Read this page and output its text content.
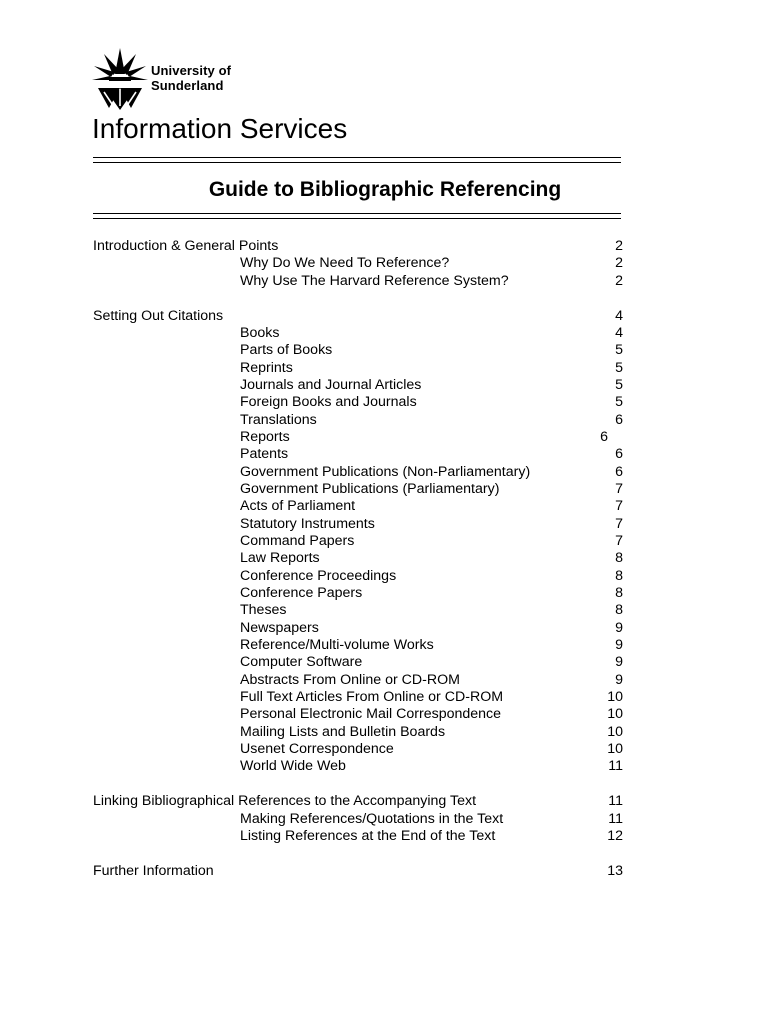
University of
Sunderland
Information Services
Guide to Bibliographic Referencing
Introduction & General Points	2
Why Do We Need To Reference?	2
Why Use The Harvard Reference System?	2
Setting Out Citations	4
Books	4
Parts of Books	5
Reprints	5
Journals and Journal Articles	5
Foreign Books and Journals	5
Translations	6
Reports	6
Patents	6
Government Publications (Non-Parliamentary)	6
Government Publications (Parliamentary)	7
Acts of Parliament	7
Statutory Instruments	7
Command Papers	7
Law Reports	8
Conference Proceedings	8
Conference Papers	8
Theses	8
Newspapers	9
Reference/Multi-volume Works	9
Computer Software	9
Abstracts From Online or CD-ROM	9
Full Text Articles From Online or CD-ROM	10
Personal Electronic Mail Correspondence	10
Mailing Lists and Bulletin Boards	10
Usenet Correspondence	10
World Wide Web	11
Linking Bibliographical References to the Accompanying Text	11
Making References/Quotations in the Text	11
Listing References at the End of the Text	12
Further Information	13
